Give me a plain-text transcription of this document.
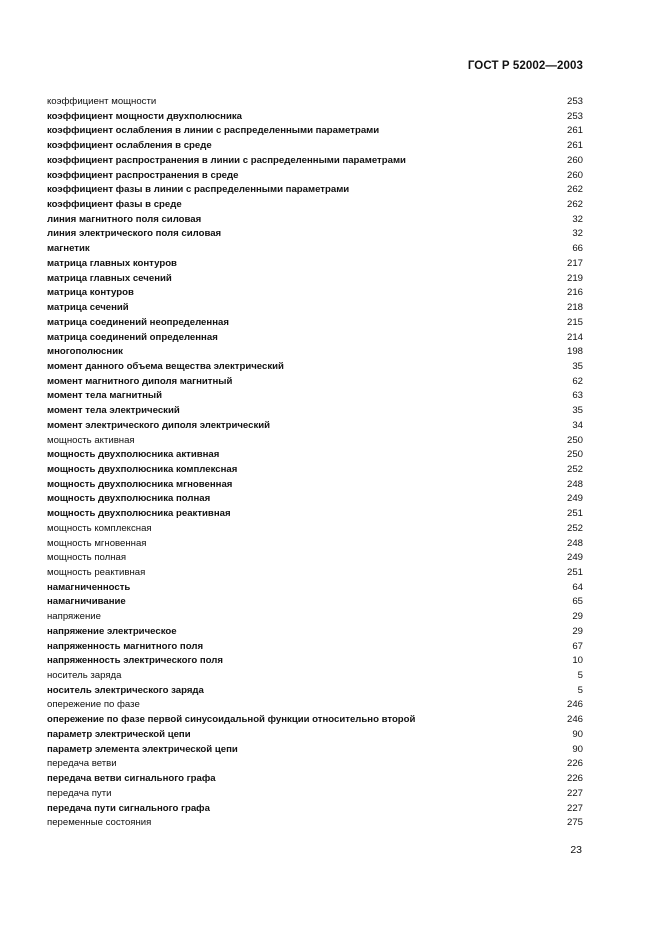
ГОСТ Р 52002—2003
коэффициент мощности	253
коэффициент мощности двухполюсника	253
коэффициент ослабления в линии с распределенными параметрами	261
коэффициент ослабления в среде	261
коэффициент распространения в линии с распределенными параметрами	260
коэффициент распространения в среде	260
коэффициент фазы в линии с распределенными параметрами	262
коэффициент фазы в среде	262
линия магнитного поля силовая	32
линия электрического поля силовая	32
магнетик	66
матрица главных контуров	217
матрица главных сечений	219
матрица контуров	216
матрица сечений	218
матрица соединений неопределенная	215
матрица соединений определенная	214
многополюсник	198
момент данного объема вещества электрический	35
момент магнитного диполя магнитный	62
момент тела магнитный	63
момент тела электрический	35
момент электрического диполя электрический	34
мощность активная	250
мощность двухполюсника активная	250
мощность двухполюсника комплексная	252
мощность двухполюсника мгновенная	248
мощность двухполюсника полная	249
мощность двухполюсника реактивная	251
мощность комплексная	252
мощность мгновенная	248
мощность полная	249
мощность реактивная	251
намагниченность	64
намагничивание	65
напряжение	29
напряжение электрическое	29
напряженность магнитного поля	67
напряженность электрического поля	10
носитель заряда	5
носитель электрического заряда	5
опережение по фазе	246
опережение по фазе первой синусоидальной функции относительно второй	246
параметр электрической цепи	90
параметр элемента электрической цепи	90
передача ветви	226
передача ветви сигнального графа	226
передача пути	227
передача пути сигнального графа	227
переменные состояния	275
23
